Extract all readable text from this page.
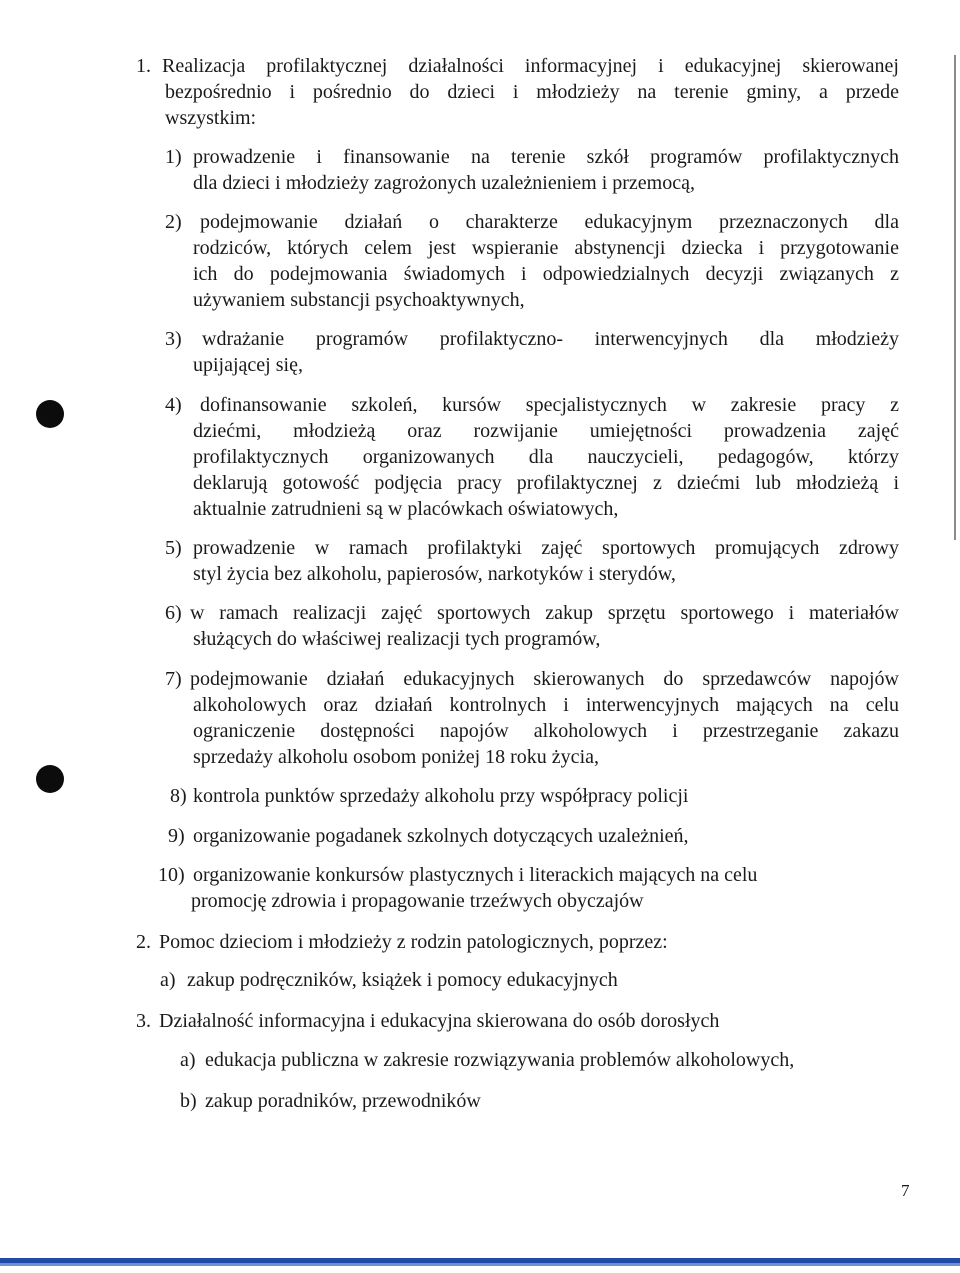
1. Realizacja profilaktycznej działalności informacyjnej i edukacyjnej skierowanej
bezpośrednio i pośrednio do dzieci i młodzieży na terenie gminy, a przede
wszystkim:
1) prowadzenie i finansowanie na terenie szkół programów profilaktycznych
dla dzieci i młodzieży zagrożonych uzależnieniem i przemocą,
2) podejmowanie działań o charakterze edukacyjnym przeznaczonych dla
rodziców, których celem jest wspieranie abstynencji dziecka i przygotowanie
ich do podejmowania świadomych i odpowiedzialnych decyzji związanych z
używaniem substancji psychoaktywnych,
3) wdrażanie programów profilaktyczno- interwencyjnych dla młodzieży
upijającej się,
4) dofinansowanie szkoleń, kursów specjalistycznych w zakresie pracy z
dziećmi, młodzieżą oraz rozwijanie umiejętności prowadzenia zajęć
profilaktycznych organizowanych dla nauczycieli, pedagogów, którzy
deklarują gotowość podjęcia pracy profilaktycznej z dziećmi lub młodzieżą i
aktualnie zatrudnieni są w placówkach oświatowych,
5) prowadzenie w ramach profilaktyki zajęć sportowych promujących zdrowy
styl życia bez alkoholu, papierosów, narkotyków i sterydów,
6) w ramach realizacji zajęć sportowych zakup sprzętu sportowego i materiałów
służących do właściwej realizacji tych programów,
7) podejmowanie działań edukacyjnych skierowanych do sprzedawców napojów
alkoholowych oraz działań kontrolnych i interwencyjnych mających na celu
ograniczenie dostępności napojów alkoholowych i przestrzeganie zakazu
sprzedaży alkoholu osobom poniżej 18 roku życia,
8) kontrola punktów sprzedaży alkoholu przy współpracy policji
9) organizowanie pogadanek szkolnych dotyczących uzależnień,
10) organizowanie konkursów plastycznych i literackich mających na celu
promocję zdrowia i propagowanie trzeźwych obyczajów
2. Pomoc dzieciom i młodzieży z rodzin patologicznych, poprzez:
a) zakup podręczników, książek i pomocy edukacyjnych
3. Działalność informacyjna i edukacyjna skierowana do osób dorosłych
a) edukacja publiczna w zakresie rozwiązywania problemów alkoholowych,
b) zakup poradników, przewodników
7
